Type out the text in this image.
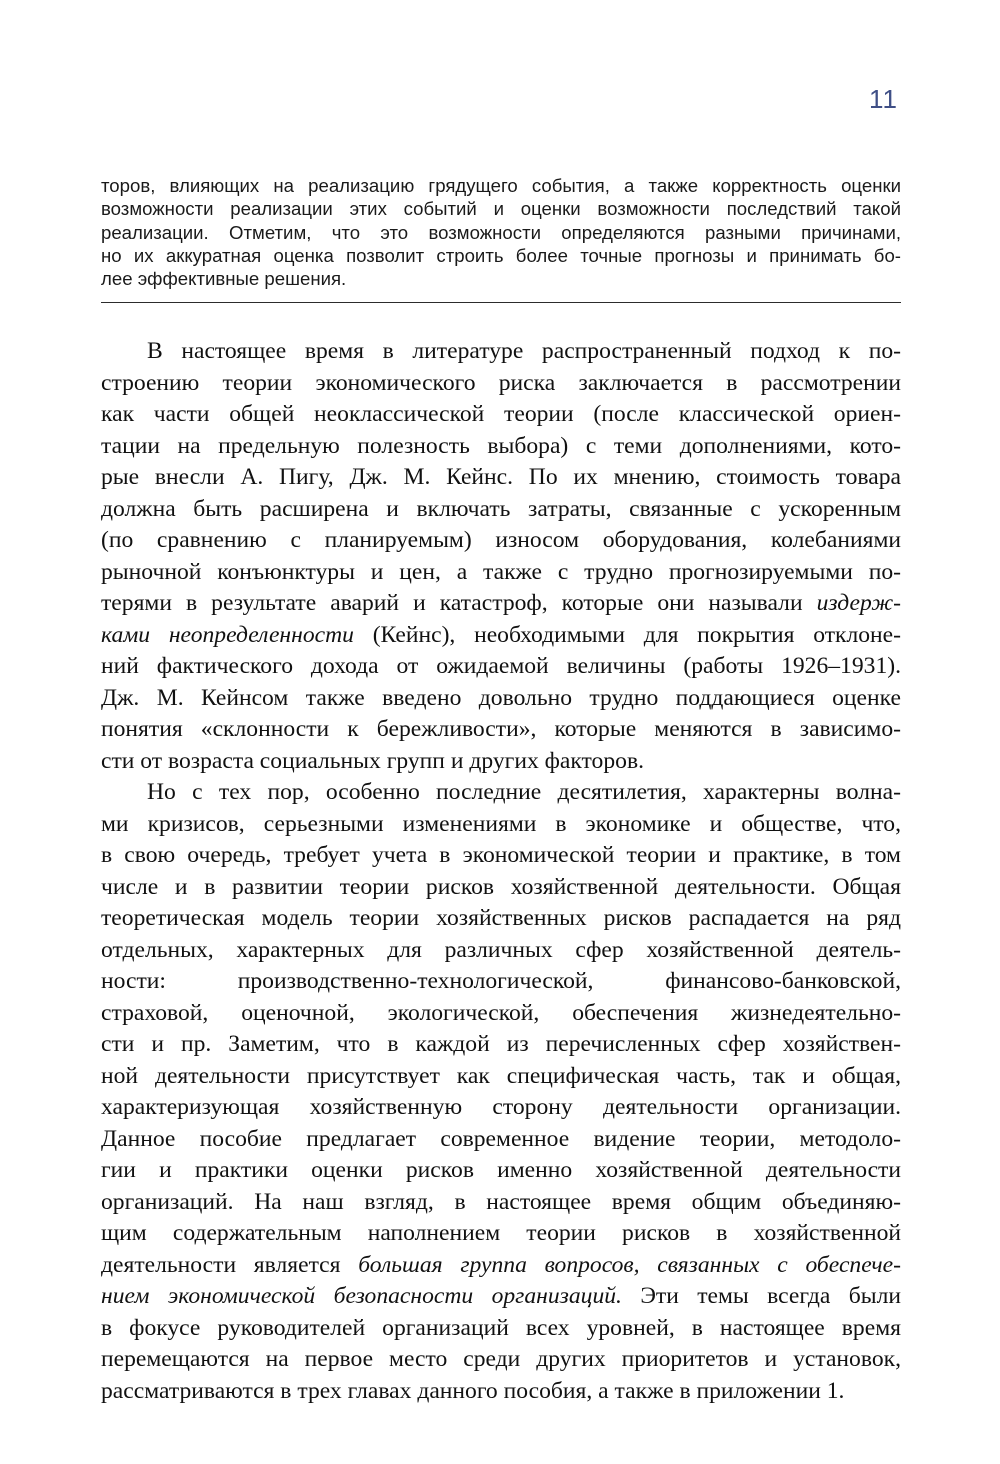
11
торов, влияющих на реализацию грядущего события, а также корректность оценки
возможности реализации этих событий и оценки возможности последствий такой
реализации. Отметим, что это возможности определяются разными причинами,
но их аккуратная оценка позволит строить более точные прогнозы и принимать бо-
лее эффективные решения.
В настоящее время в литературе распространенный подход к по-
строению теории экономического риска заключается в рассмотрении
как части общей неоклассической теории (после классической ориен-
тации на предельную полезность выбора) с теми дополнениями, кото-
рые внесли А. Пигу, Дж. М. Кейнс. По их мнению, стоимость товара
должна быть расширена и включать затраты, связанные с ускоренным
(по сравнению с планируемым) износом оборудования, колебаниями
рыночной конъюнктуры и цен, а также с трудно прогнозируемыми по-
терями в результате аварий и катастроф, которые они называли издерж-
ками неопределенности (Кейнс), необходимыми для покрытия отклоне-
ний фактического дохода от ожидаемой величины (работы 1926–1931).
Дж. М. Кейнсом также введено довольно трудно поддающиеся оценке
понятия «склонности к бережливости», которые меняются в зависимо-
сти от возраста социальных групп и других факторов.
Но с тех пор, особенно последние десятилетия, характерны волна-
ми кризисов, серьезными изменениями в экономике и обществе, что,
в свою очередь, требует учета в экономической теории и практике, в том
числе и в развитии теории рисков хозяйственной деятельности. Общая
теоретическая модель теории хозяйственных рисков распадается на ряд
отдельных, характерных для различных сфер хозяйственной деятель-
ности: производственно-технологической, финансово-банковской,
страховой, оценочной, экологической, обеспечения жизнедеятельно-
сти и пр. Заметим, что в каждой из перечисленных сфер хозяйствен-
ной деятельности присутствует как специфическая часть, так и общая,
характеризующая хозяйственную сторону деятельности организации.
Данное пособие предлагает современное видение теории, методоло-
гии и практики оценки рисков именно хозяйственной деятельности
организаций. На наш взгляд, в настоящее время общим объединяю-
щим содержательным наполнением теории рисков в хозяйственной
деятельности является большая группа вопросов, связанных с обеспече-
нием экономической безопасности организаций. Эти темы всегда были
в фокусе руководителей организаций всех уровней, в настоящее время
перемещаются на первое место среди других приоритетов и установок,
рассматриваются в трех главах данного пособия, а также в приложении 1.
